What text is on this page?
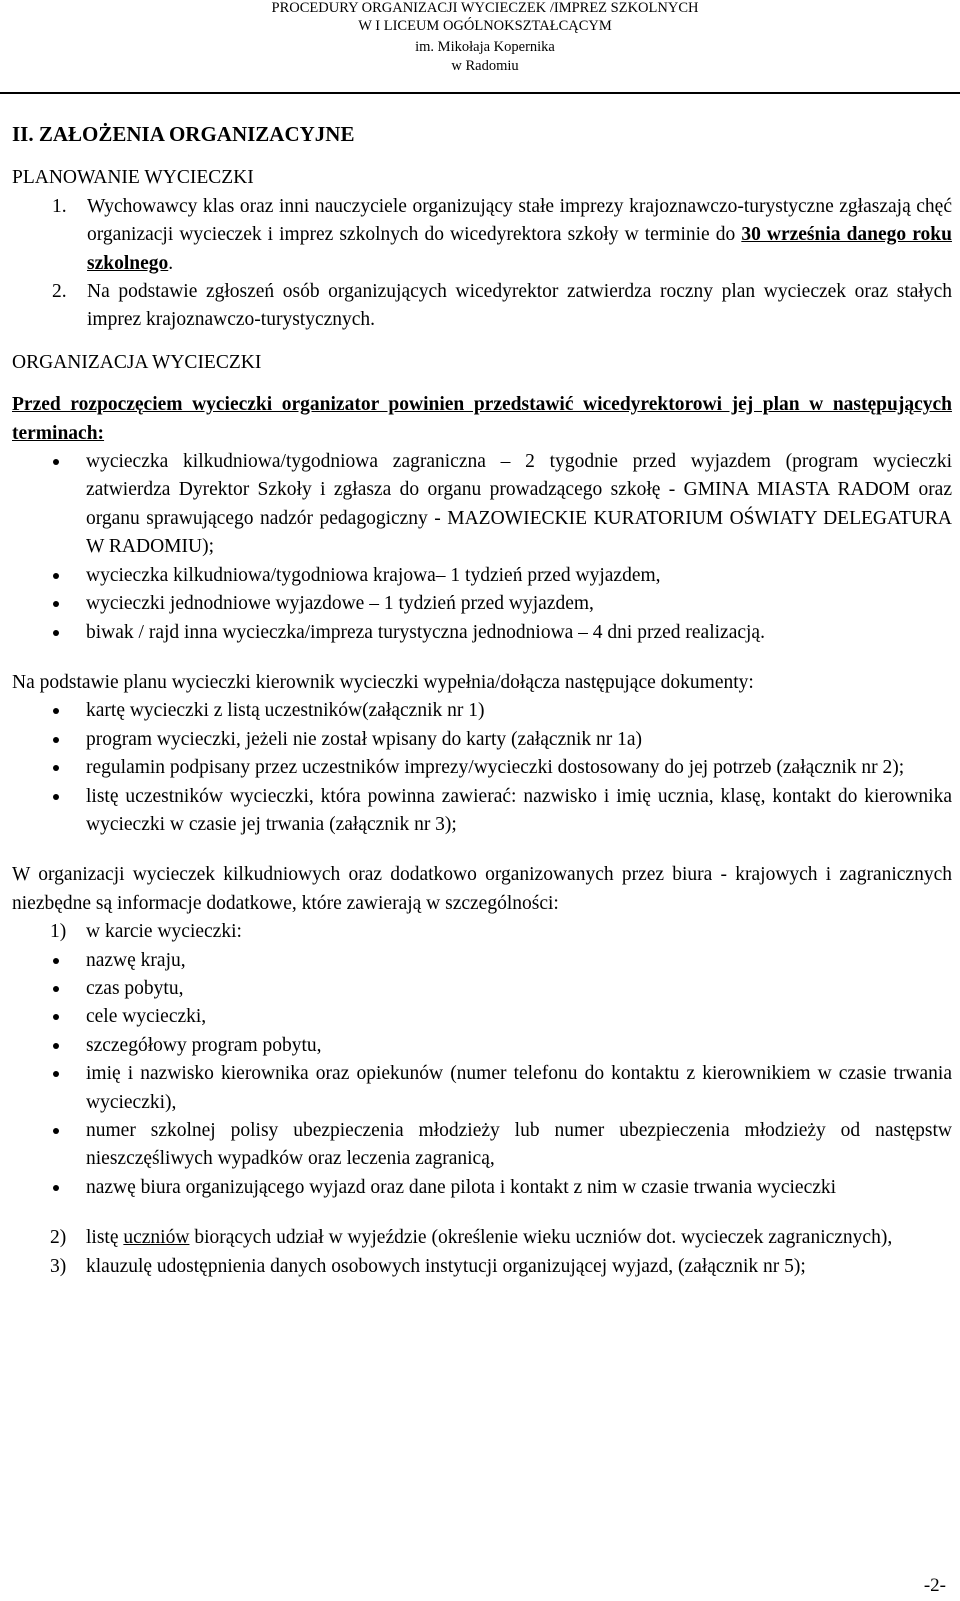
PROCEDURY ORGANIZACJI WYCIECZEK /IMPREZ SZKOLNYCH
W I LICEUM OGÓLNOKSZTAŁCĄCYM
im. Mikołaja Kopernika
w Radomiu

II. ZAŁOŻENIA ORGANIZACYJNE

PLANOWANIE WYCIECZKI

1. Wychowawcy klas oraz inni nauczyciele organizujący stałe imprezy krajoznawczo-turystyczne zgłaszają chęć organizacji wycieczek i imprez szkolnych do wicedyrektora szkoły w terminie do 30 września danego roku szkolnego.
2. Na podstawie zgłoszeń osób organizujących wicedyrektor zatwierdza roczny plan wycieczek oraz stałych imprez krajoznawczo-turystycznych.

ORGANIZACJA WYCIECZKI

Przed rozpoczęciem wycieczki organizator powinien przedstawić wicedyrektorowi jej plan w następujących terminach:

wycieczka kilkudniowa/tygodniowa zagraniczna – 2 tygodnie przed wyjazdem (program wycieczki zatwierdza Dyrektor Szkoły i zgłasza do organu prowadzącego szkołę - GMINA MIASTA RADOM oraz organu sprawującego nadzór pedagogiczny - MAZOWIECKIE KURATORIUM OŚWIATY DELEGATURA W RADOMIU);
wycieczka kilkudniowa/tygodniowa krajowa– 1 tydzień przed wyjazdem,
wycieczki jednodniowe wyjazdowe – 1 tydzień przed wyjazdem,
biwak / rajd inna wycieczka/impreza turystyczna jednodniowa – 4 dni przed realizacją.

Na podstawie planu wycieczki kierownik wycieczki wypełnia/dołącza następujące dokumenty:

kartę wycieczki z listą uczestników(załącznik nr 1)
program wycieczki, jeżeli nie został wpisany do karty (załącznik nr 1a)
regulamin podpisany przez uczestników imprezy/wycieczki dostosowany do jej potrzeb (załącznik nr 2);
listę uczestników wycieczki, która powinna zawierać: nazwisko i imię ucznia, klasę, kontakt do kierownika wycieczki w czasie jej trwania (załącznik nr 3);

W organizacji wycieczek kilkudniowych oraz dodatkowo organizowanych przez biura - krajowych i zagranicznych niezbędne są informacje dodatkowe, które zawierają w szczególności:

1) w karcie wycieczki:
nazwę kraju,
czas pobytu,
cele wycieczki,
szczegółowy program pobytu,
imię i nazwisko kierownika oraz opiekunów (numer telefonu do kontaktu z kierownikiem w czasie trwania wycieczki),
numer szkolnej polisy ubezpieczenia młodzieży lub numer ubezpieczenia młodzieży od następstw nieszczęśliwych wypadków oraz leczenia zagranicą,
nazwę biura organizującego wyjazd oraz dane pilota i kontakt z nim w czasie trwania wycieczki
2) listę uczniów biorących udział w wyjeździe (określenie wieku uczniów dot. wycieczek zagranicznych),
3) klauzulę udostępnienia danych osobowych instytucji organizującej wyjazd, (załącznik nr 5);
-2-
